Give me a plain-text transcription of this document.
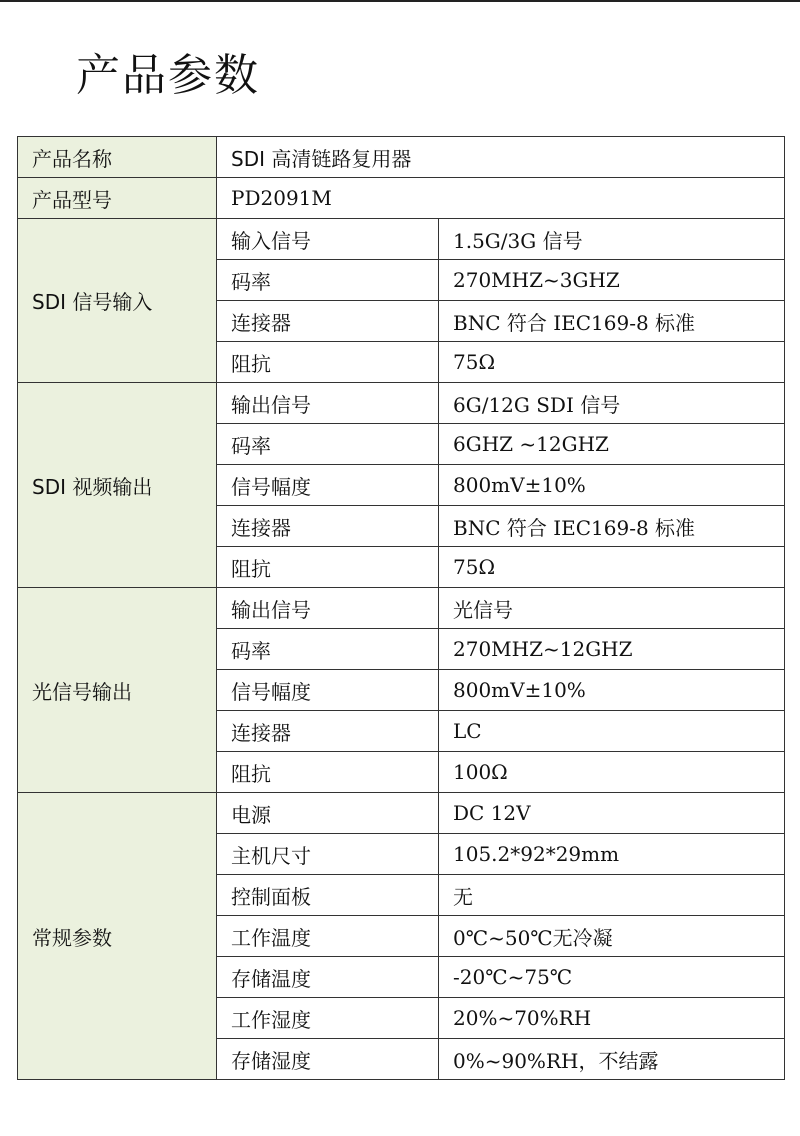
产品参数
产品名称	SDI 高清链路复用器	
产品型号	PD2091M	
SDI 信号输入	输入信号	1.5G/3G 信号
	码率	270MHZ~3GHZ
	连接器	BNC 符合 IEC169-8 标准
	阻抗	75Ω
SDI 视频输出	输出信号	6G/12G SDI 信号
	码率	6GHZ ~12GHZ
	信号幅度	800mV±10%
	连接器	BNC 符合 IEC169-8 标准
	阻抗	75Ω
光信号输出	输出信号	光信号
	码率	270MHZ~12GHZ
	信号幅度	800mV±10%
	连接器	LC
	阻抗	100Ω
常规参数	电源	DC 12V
	主机尺寸	105.2*92*29mm
	控制面板	无
	工作温度	0℃~50℃无冷凝
	存储温度	-20℃~75℃
	工作湿度	20%~70%RH
	存储湿度	0%~90%RH，不结露
